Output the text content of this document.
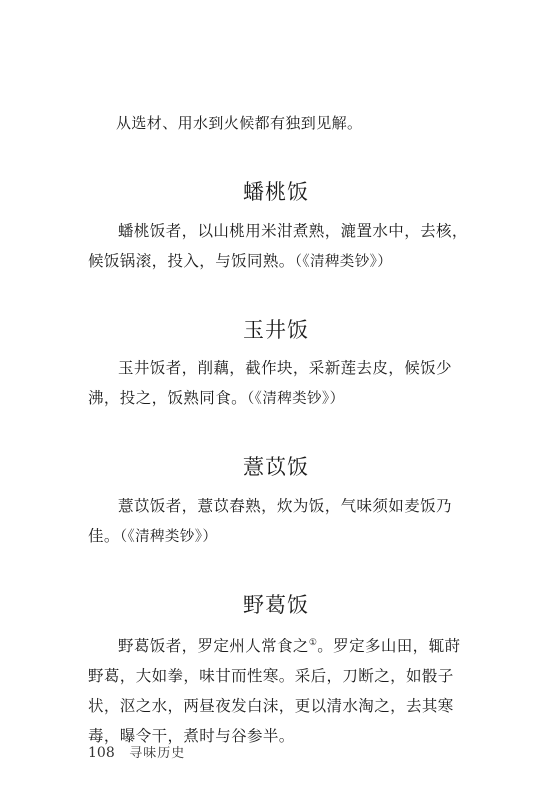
从选材、用水到火候都有独到见解。

蟠桃饭

蟠桃饭者，以山桃用米泔煮熟，漉置水中，去核，候饭锅滚，投入，与饭同熟。（《清稗类钞》）

玉井饭

玉井饭者，削藕，截作块，采新莲去皮，候饭少沸，投之，饭熟同食。（《清稗类钞》）

薏苡饭

薏苡饭者，薏苡舂熟，炊为饭，气味须如麦饭乃佳。（《清稗类钞》）

野葛饭

野葛饭者，罗定州人常食之①。罗定多山田，辄莳野葛，大如拳，味甘而性寒。采后，刀断之，如骰子状，沤之水，两昼夜发白沫，更以清水淘之，去其寒毒，曝令干，煮时与谷参半。

108 寻味历史
